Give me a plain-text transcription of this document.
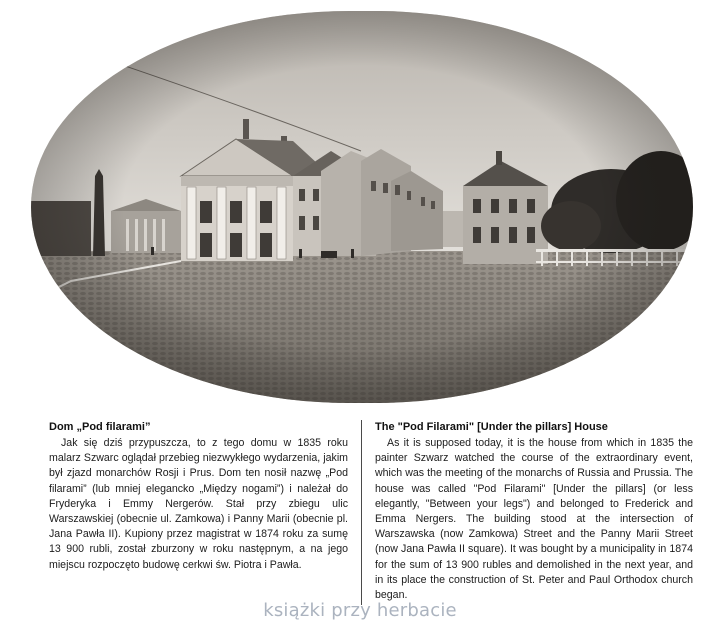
Dom „Pod filarami”

Jak się dziś przypuszcza, to z tego domu w 1835 roku malarz Szwarc oglądał przebieg niezwykłego wydarzenia, jakim był zjazd monarchów Rosji i Prus. Dom ten nosił nazwę „Pod filarami” (lub mniej elegancko „Między nogami”) i należał do Fryderyka i Emmy Nergerów. Stał przy zbiegu ulic Warszawskiej (obecnie ul. Zamkowa) i Panny Marii (obecnie pl. Jana Pawła II). Kupiony przez magistrat w 1874 roku za sumę 13 900 rubli, został zburzony w roku następnym, a na jego miejscu rozpoczęto budowę cerkwi św. Piotra i Pawła.

The "Pod Filarami" [Under the pillars] House

As it is supposed today, it is the house from which in 1835 the painter Szwarz watched the course of the extraordinary event, which was the meeting of the monarchs of Russia and Prussia. The house was called "Pod Filarami" [Under the pillars] (or less elegantly, "Between your legs") and belonged to Frederick and Emma Nergers. The building stood at the intersection of Warszawska (now Zamkowa) Street and the Panny Marii Street (now Jana Pawła II square). It was bought by a municipality in 1874 for the sum of 13 900 rubles and demolished in the next year, and in its place the construction of St. Peter and Paul Orthodox church began.

książki przy herbacie
